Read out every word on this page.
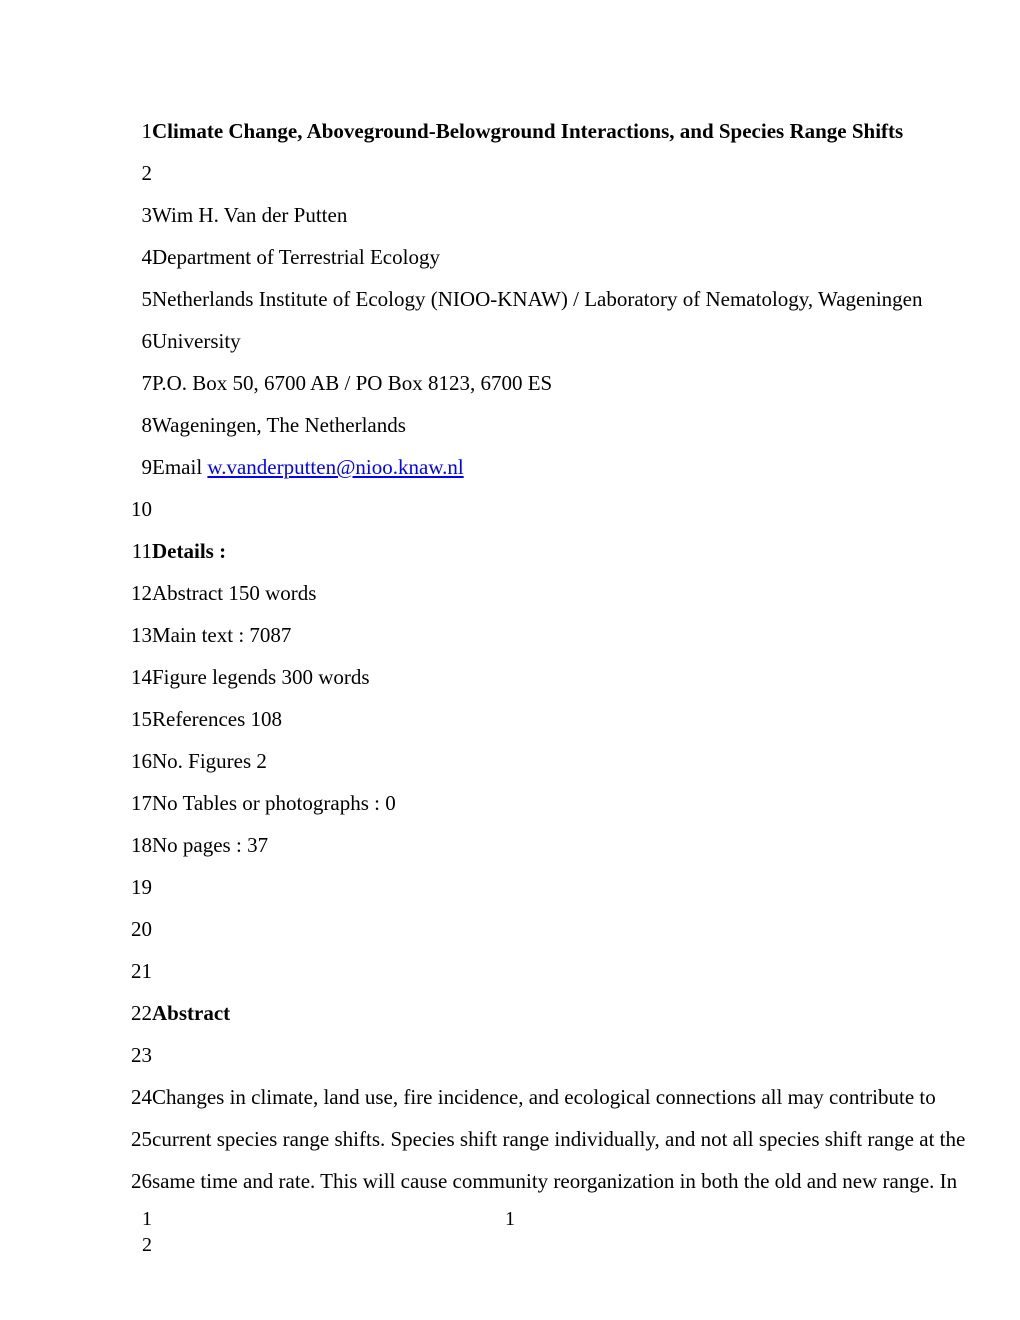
1Climate Change, Aboveground-Belowground Interactions, and Species Range Shifts
2
3Wim H. Van der Putten
4Department of Terrestrial Ecology
5Netherlands Institute of Ecology (NIOO-KNAW) / Laboratory of Nematology, Wageningen
6University
7P.O. Box 50, 6700 AB / PO Box 8123, 6700 ES
8Wageningen, The Netherlands
9Email w.vanderputten@nioo.knaw.nl
10
11Details :
12Abstract 150 words
13Main text : 7087
14Figure legends 300 words
15References 108
16No. Figures 2
17No Tables or photographs : 0
18No pages : 37
19
20
21
22Abstract
23
24Changes in climate, land use, fire incidence, and ecological connections all may contribute to
25current species range shifts. Species shift range individually, and not all species shift range at the
26same time and rate. This will cause community reorganization in both the old and new range. In
1
2
1
